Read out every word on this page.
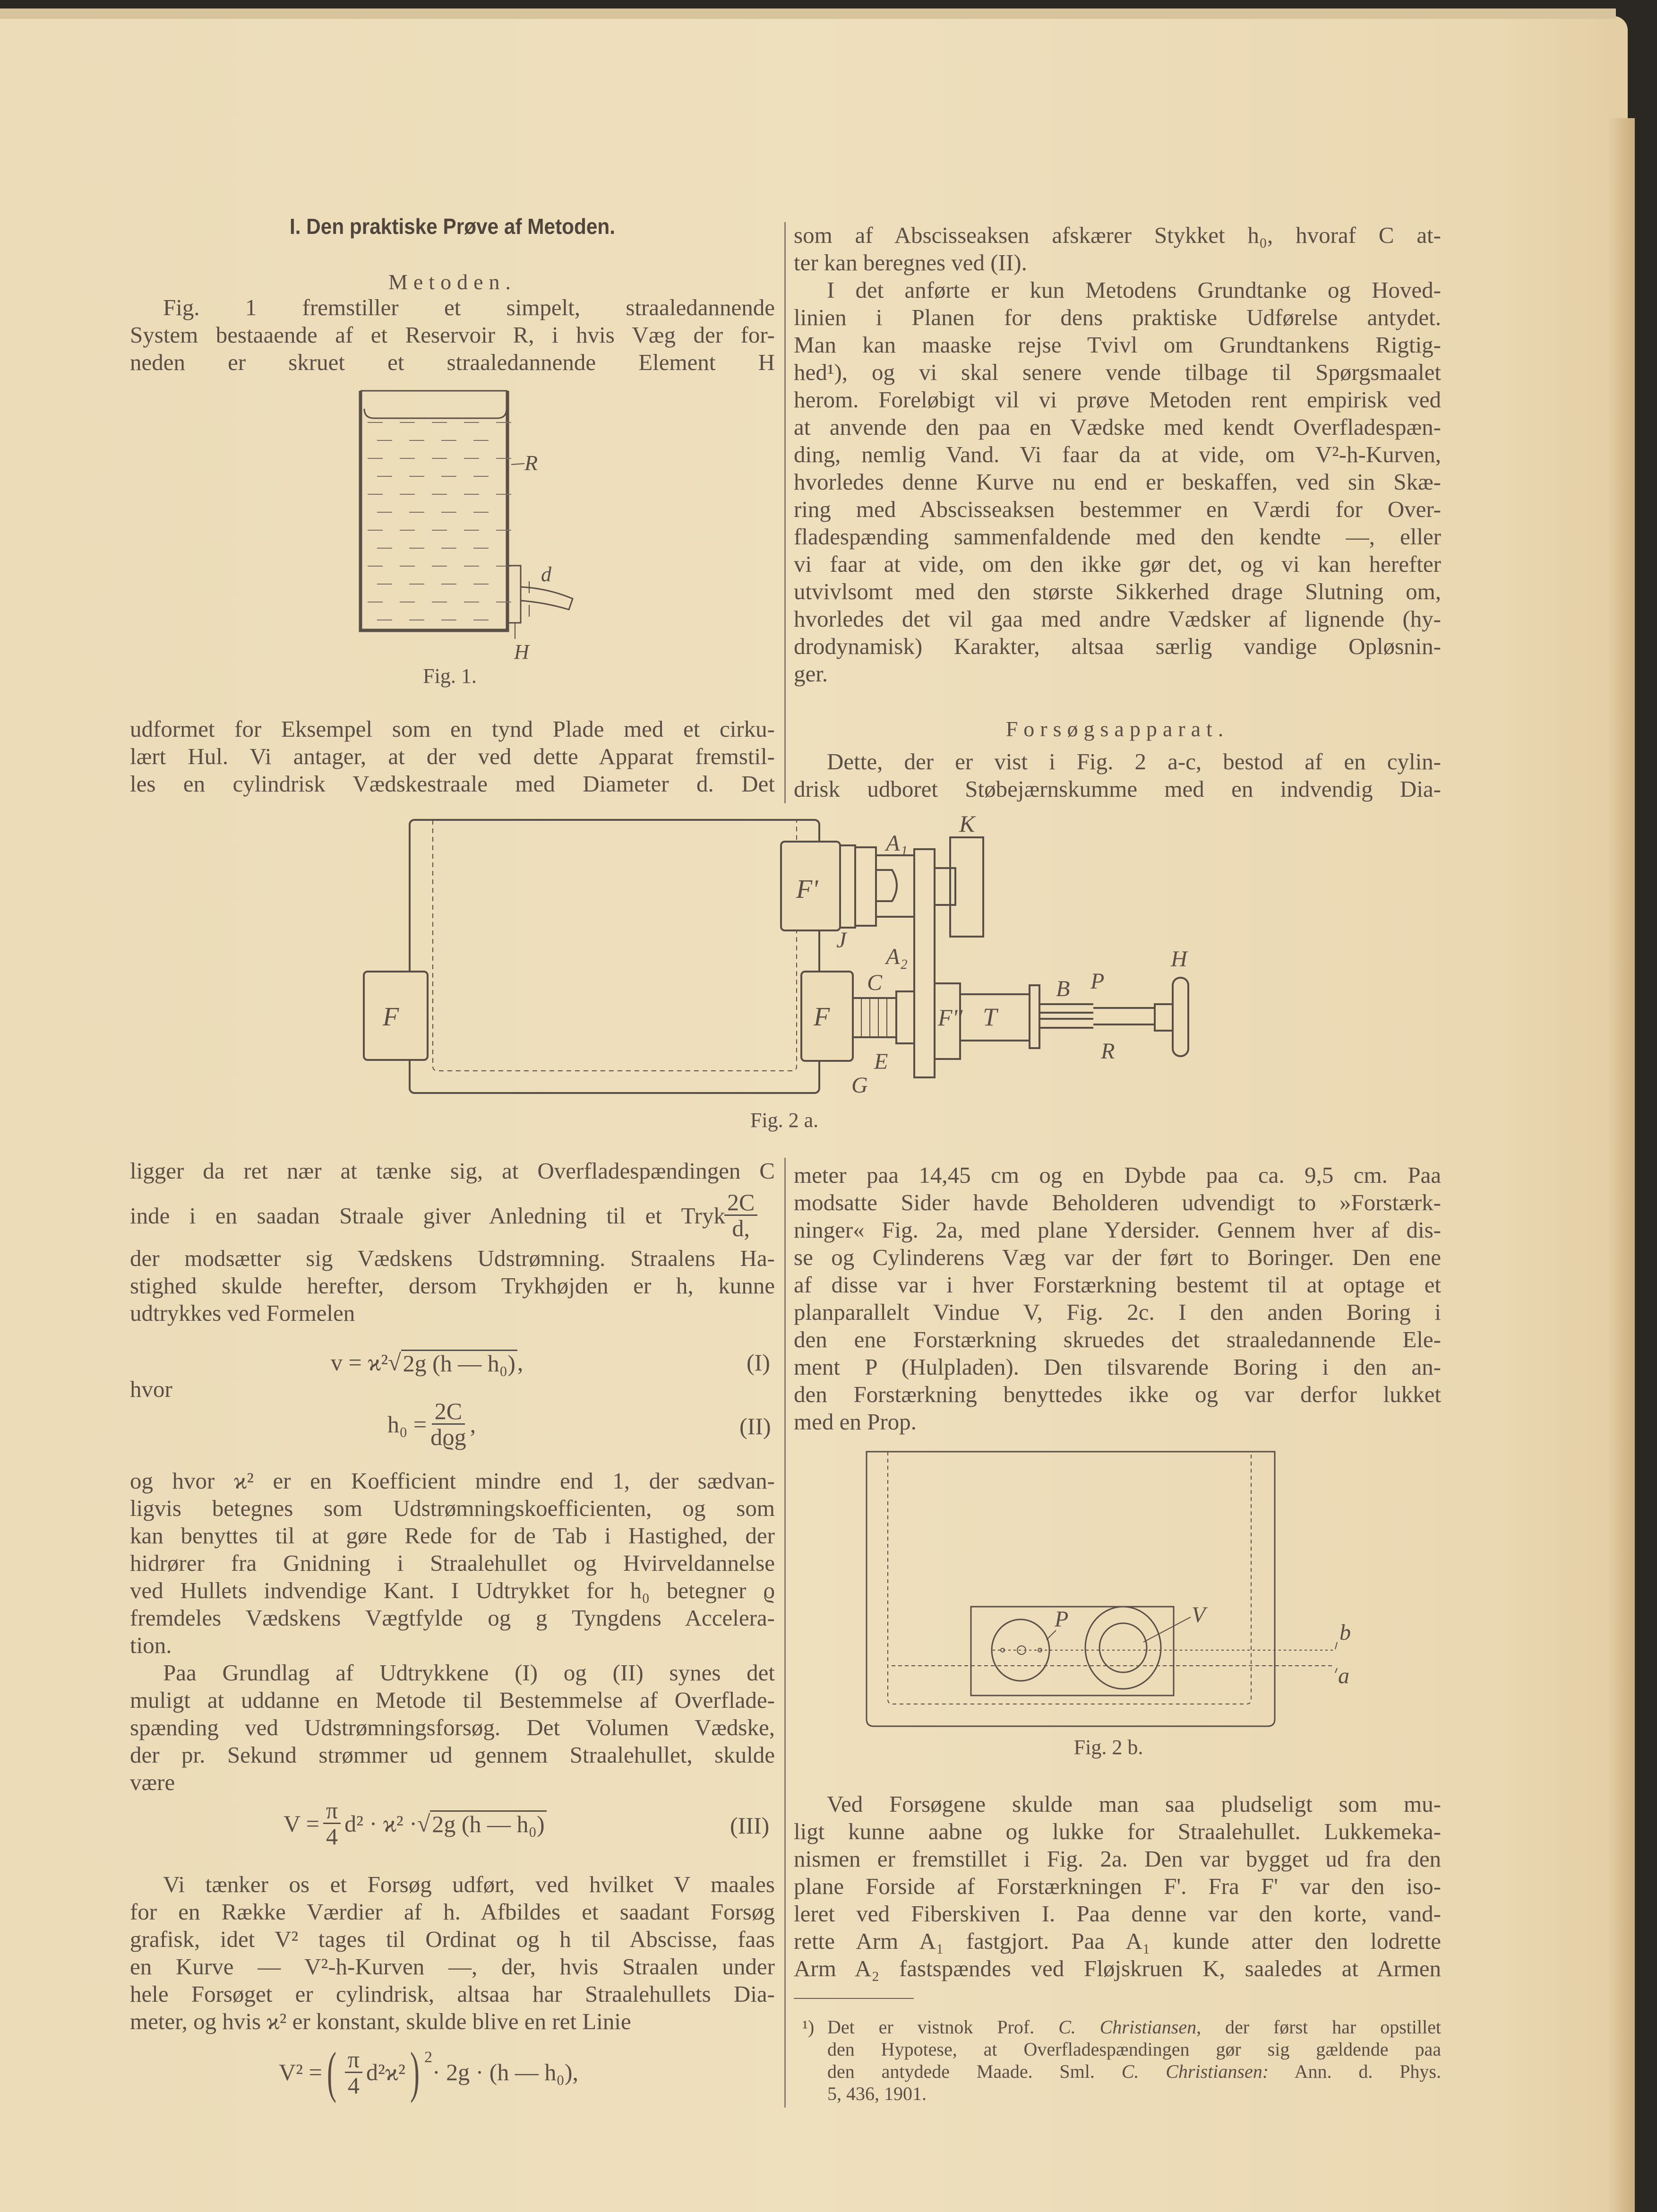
I. Den praktiske Prøve af Metoden.
Metoden.
Fig. 1 fremstiller et simpelt, straaledannende
System bestaaende af et Reservoir R, i hvis Væg der for-
neden er skruet et straaledannende Element H
R
d
H
Fig. 1.
udformet for Eksempel som en tynd Plade med et cirku-
lært Hul. Vi antager, at der ved dette Apparat fremstil-
les en cylindrisk Vædskestraale med Diameter d. Det
F
F'
F	F''
K
A₁
A₂
J
C
T
B P
H
R
E
G
Fig. 2 a.
ligger da ret nær at tænke sig, at Overfladespændingen C
inde i en saadan Straale giver Anledning til et Tryk
$\frac{2C}{d,}$
der modsætter sig Vædskens Udstrømning. Straalens Ha-
stighed skulde herefter, dersom Trykhøjden er h, kunne
udtrykkes ved Formelen
v = ϰ² √ 2g (h — h₀) ,	(I)
hvor
$h_0 = \frac{2C}{\text{dϱg}}$ ,	(II)
og hvor ϰ² er en Koefficient mindre end 1, der sædvan-
ligvis betegnes som Udstrømningskoefficienten, og som
kan benyttes til at gøre Rede for de Tab i Hastighed, der
hidrører fra Gnidning i Straalehullet og Hvirveldannelse
ved Hullets indvendige Kant. I Udtrykket for h₀ betegner ϱ
fremdeles Vædskens Vægtfylde og g Tyngdens Accelera-
tion.
Paa Grundlag af Udtrykkene (I) og (II) synes det
muligt at uddanne en Metode til Bestemmelse af Overflade-
spænding ved Udstrømningsforsøg. Det Volumen Vædske,
der pr. Sekund strømmer ud gennem Straalehullet, skulde
være
$V = \frac{\pi}{4} d^2 \cdot ϰ^2$ · √ 2g (h — h₀)	(III)
Vi tænker os et Forsøg udført, ved hvilket V maales
for en Række Værdier af h. Afbildes et saadant Forsøg
grafisk, idet V² tages til Ordinat og h til Abscisse, faas
en Kurve — V²-h-Kurven —, der, hvis Straalen under
hele Forsøget er cylindrisk, altsaa har Straalehullets Dia-
meter, og hvis ϰ² er konstant, skulde blive en ret Linie
V² = ( $\frac{\pi}{4} d^2ϰ^2$ ) $^2$
· 2g · (h — h₀),
som af Abscisseaksen afskærer Stykket h₀, hvoraf C at-
ter kan beregnes ved (II).
I det anførte er kun Metodens Grundtanke og Hoved-
linien i Planen for dens praktiske Udførelse antydet.
Man kan maaske rejse Tvivl om Grundtankens Rigtig-
hed¹), og vi skal senere vende tilbage til Spørgsmaalet
herom. Foreløbigt vil vi prøve Metoden rent empirisk ved
at anvende den paa en Vædske med kendt Overfladespæn-
ding, nemlig Vand. Vi faar da at vide, om V²-h-Kurven,
hvorledes denne Kurve nu end er beskaffen, ved sin Skæ-
ring med Abscisseaksen bestemmer en Værdi for Over-
fladespænding sammenfaldende med den kendte —, eller
vi faar at vide, om den ikke gør det, og vi kan herefter
utvivlsomt med den største Sikkerhed drage Slutning om,
hvorledes det vil gaa med andre Vædsker af lignende (hy-
drodynamisk) Karakter, altsaa særlig vandige Opløsnin-
ger.
Forsøgsapparat.
Dette, der er vist i Fig. 2 a-c, bestod af en cylin-
drisk udboret Støbejærnskumme med en indvendig Dia-
meter paa 14,45 cm og en Dybde paa ca. 9,5 cm. Paa
modsatte Sider havde Beholderen udvendigt to »Forstærk-
ninger« Fig. 2a, med plane Ydersider. Gennem hver af dis-
se og Cylinderens Væg var der ført to Boringer. Den ene
af disse var i hver Forstærkning bestemt til at optage et
planparallelt Vindue V, Fig. 2c. I den anden Boring i
den ene Forstærkning skruedes det straaledannende Ele-
ment P (Hulpladen). Den tilsvarende Boring i den an-
den Forstærkning benyttedes ikke og var derfor lukket
med en Prop.
P	V
b
a
Fig. 2 b.
Ved Forsøgene skulde man saa pludseligt som mu-
ligt kunne aabne og lukke for Straalehullet. Lukkemeka-
nismen er fremstillet i Fig. 2a. Den var bygget ud fra den
plane Forside af Forstærkningen F'. Fra F' var den iso-
leret ved Fiberskiven I. Paa denne var den korte, vand-
rette Arm A₁ fastgjort. Paa A₁ kunde atter den lodrette
Arm A₂ fastspændes ved Fløjskruen K, saaledes at Armen
¹) Det er vistnok Prof. C. Christiansen, der først har opstillet
den Hypotese, at Overfladespændingen gør sig gældende paa
den antydede Maade. Sml. C. Christiansen: Ann. d. Phys.
5, 436, 1901.
